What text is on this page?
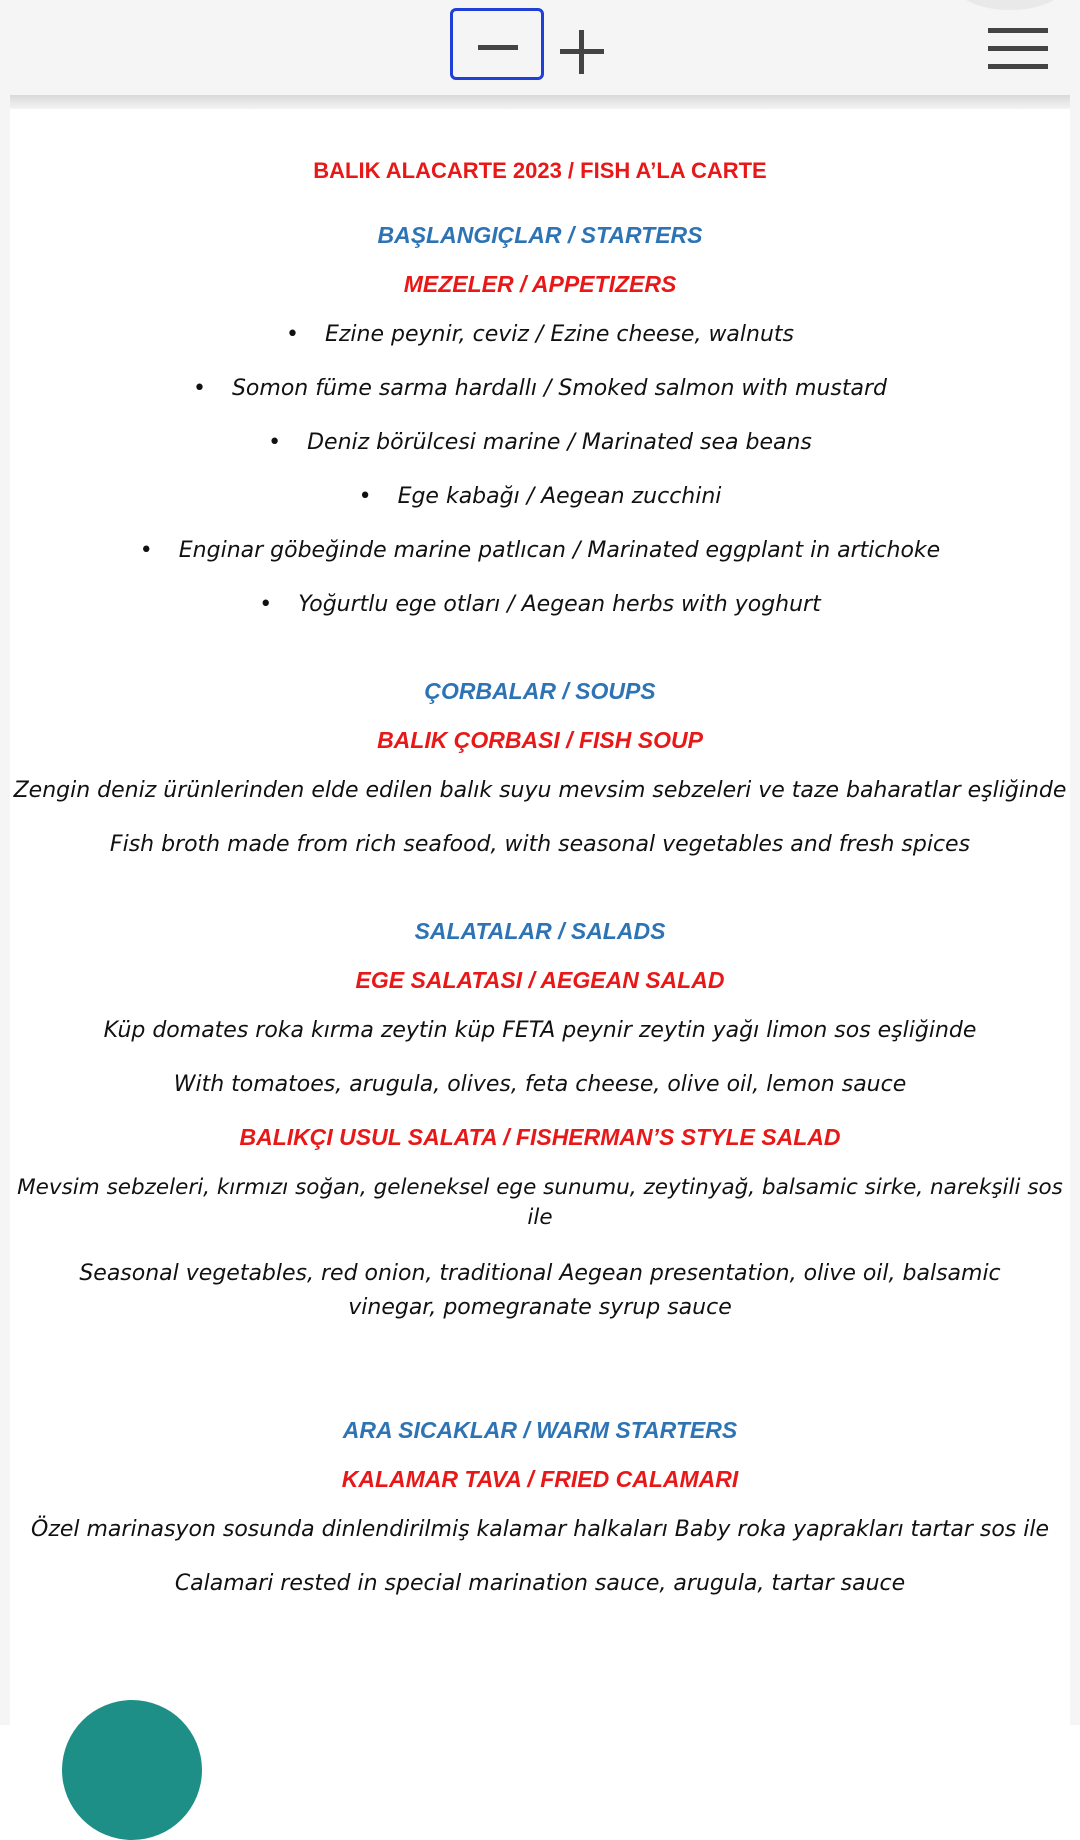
BALIK ALACARTE 2023 / FISH A’LA CARTE
BAŞLANGIÇLAR / STARTERS
MEZELER / APPETIZERS
• Ezine peynir, ceviz / Ezine cheese, walnuts
• Somon füme sarma hardallı / Smoked salmon with mustard
• Deniz börülcesi marine / Marinated sea beans
• Ege kabağı / Aegean zucchini
• Enginar göbeğinde marine patlıcan / Marinated eggplant in artichoke
• Yoğurtlu ege otları / Aegean herbs with yoghurt
ÇORBALAR / SOUPS
BALIK ÇORBASI / FISH SOUP
Zengin deniz ürünlerinden elde edilen balık suyu mevsim sebzeleri ve taze baharatlar eşliğinde
Fish broth made from rich seafood, with seasonal vegetables and fresh spices
SALATALAR / SALADS
EGE SALATASI / AEGEAN SALAD
Küp domates roka kırma zeytin küp FETA peynir zeytin yağı limon sos eşliğinde
With tomatoes, arugula, olives, feta cheese, olive oil, lemon sauce
BALIKÇI USUL SALATA / FISHERMAN’S STYLE SALAD
Mevsim sebzeleri, kırmızı soğan, geleneksel ege sunumu, zeytinyağ, balsamic sirke, narekşili sos ile
Seasonal vegetables, red onion, traditional Aegean presentation, olive oil, balsamic vinegar, pomegranate syrup sauce
ARA SICAKLAR / WARM STARTERS
KALAMAR TAVA / FRIED CALAMARI
Özel marinasyon sosunda dinlendirilmiş kalamar halkaları Baby roka yaprakları tartar sos ile
Calamari rested in special marination sauce, arugula, tartar sauce
